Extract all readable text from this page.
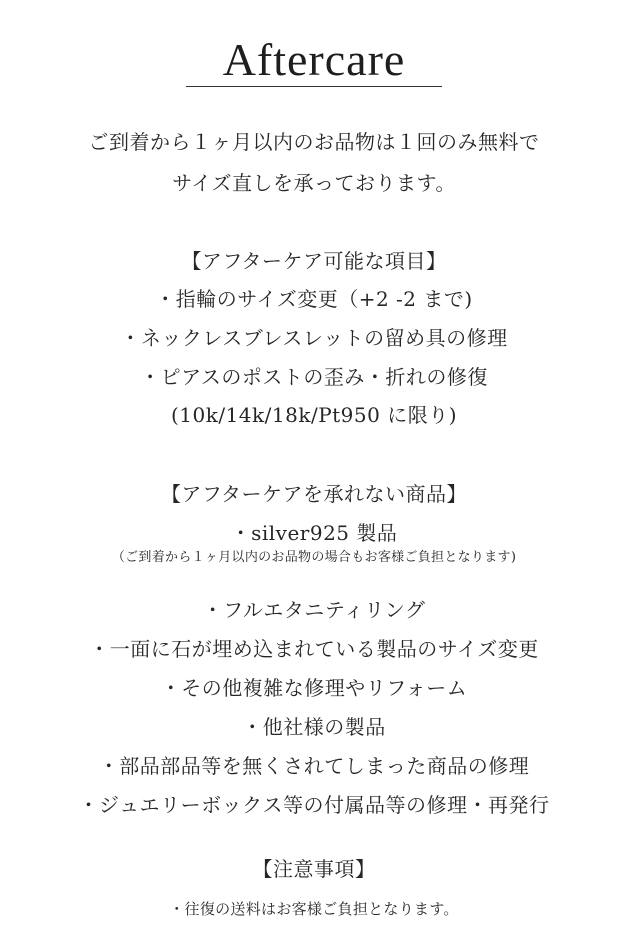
Aftercare
ご到着から１ヶ月以内のお品物は１回のみ無料で
サイズ直しを承っております。
【アフターケア可能な項目】
・指輪のサイズ変更（+2 -2 まで)
・ネックレスブレスレットの留め具の修理
・ピアスのポストの歪み・折れの修復
(10k/14k/18k/Pt950 に限り)
【アフターケアを承れない商品】
・silver925 製品
（ご到着から１ヶ月以内のお品物の場合もお客様ご負担となります)
・フルエタニティリング
・一面に石が埋め込まれている製品のサイズ変更
・その他複雑な修理やリフォーム
・他社様の製品
・部品部品等を無くされてしまった商品の修理
・ジュエリーボックス等の付属品等の修理・再発行
【注意事項】
・往復の送料はお客様ご負担となります。
